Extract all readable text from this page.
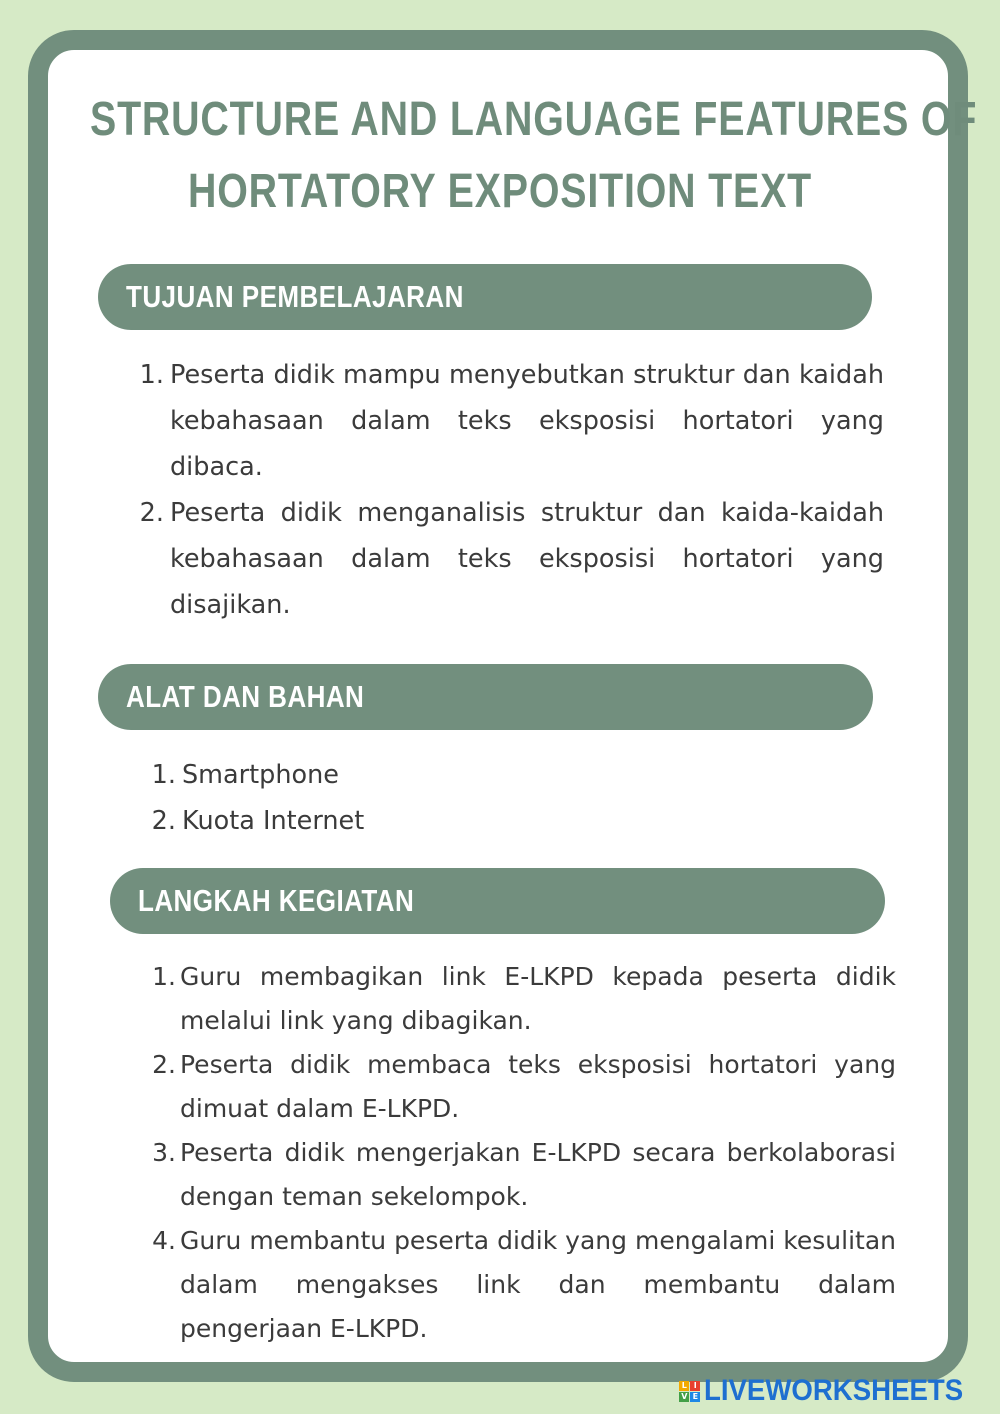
STRUCTURE AND LANGUAGE FEATURES OF
HORTATORY EXPOSITION TEXT
TUJUAN PEMBELAJARAN
1. Peserta didik mampu menyebutkan struktur dan kaidah kebahasaan dalam teks eksposisi hortatori yang dibaca.
2. Peserta didik menganalisis struktur dan kaida-kaidah kebahasaan dalam teks eksposisi hortatori yang disajikan.
ALAT DAN BAHAN
1. Smartphone
2. Kuota Internet
LANGKAH KEGIATAN
1. Guru membagikan link E-LKPD kepada peserta didik melalui link yang dibagikan.
2. Peserta didik membaca teks eksposisi hortatori yang dimuat dalam E-LKPD.
3. Peserta didik mengerjakan E-LKPD secara berkolaborasi dengan teman sekelompok.
4. Guru membantu peserta didik yang mengalami kesulitan dalam mengakses link dan membantu dalam pengerjaan E-LKPD.
L I
V E LIVEWORKSHEETS
